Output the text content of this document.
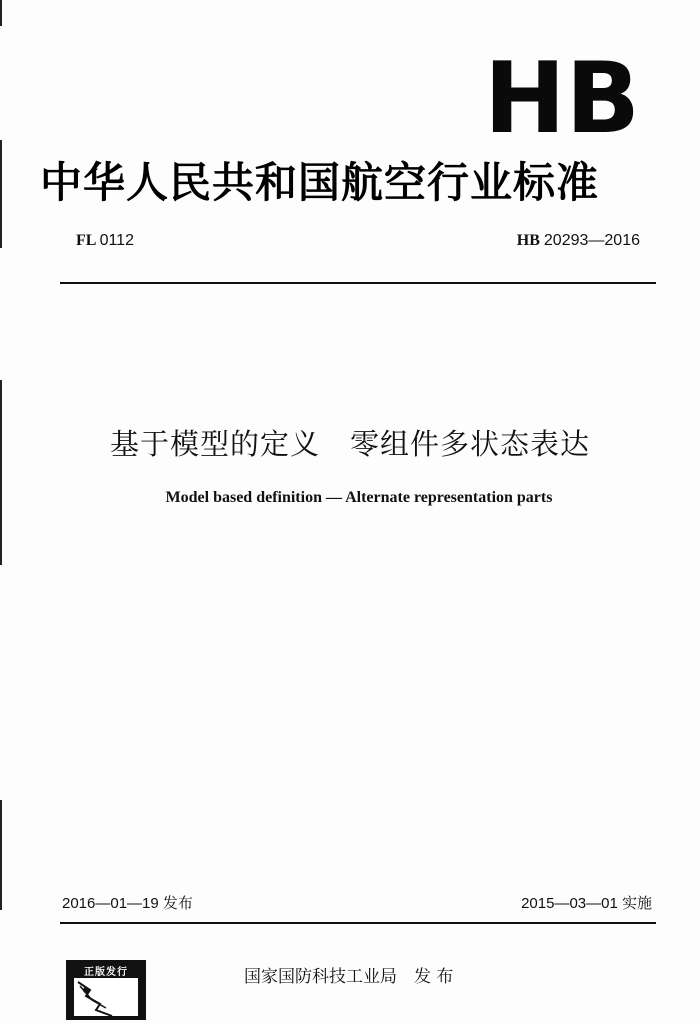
HB
中华人民共和国航空行业标准
FL 0112	HB 20293—2016
基于模型的定义　零组件多状态表达
Model based definition — Alternate representation parts
2016—01—19 发布	2015—03—01 实施
正版发行	国家国防科技工业局　发 布
